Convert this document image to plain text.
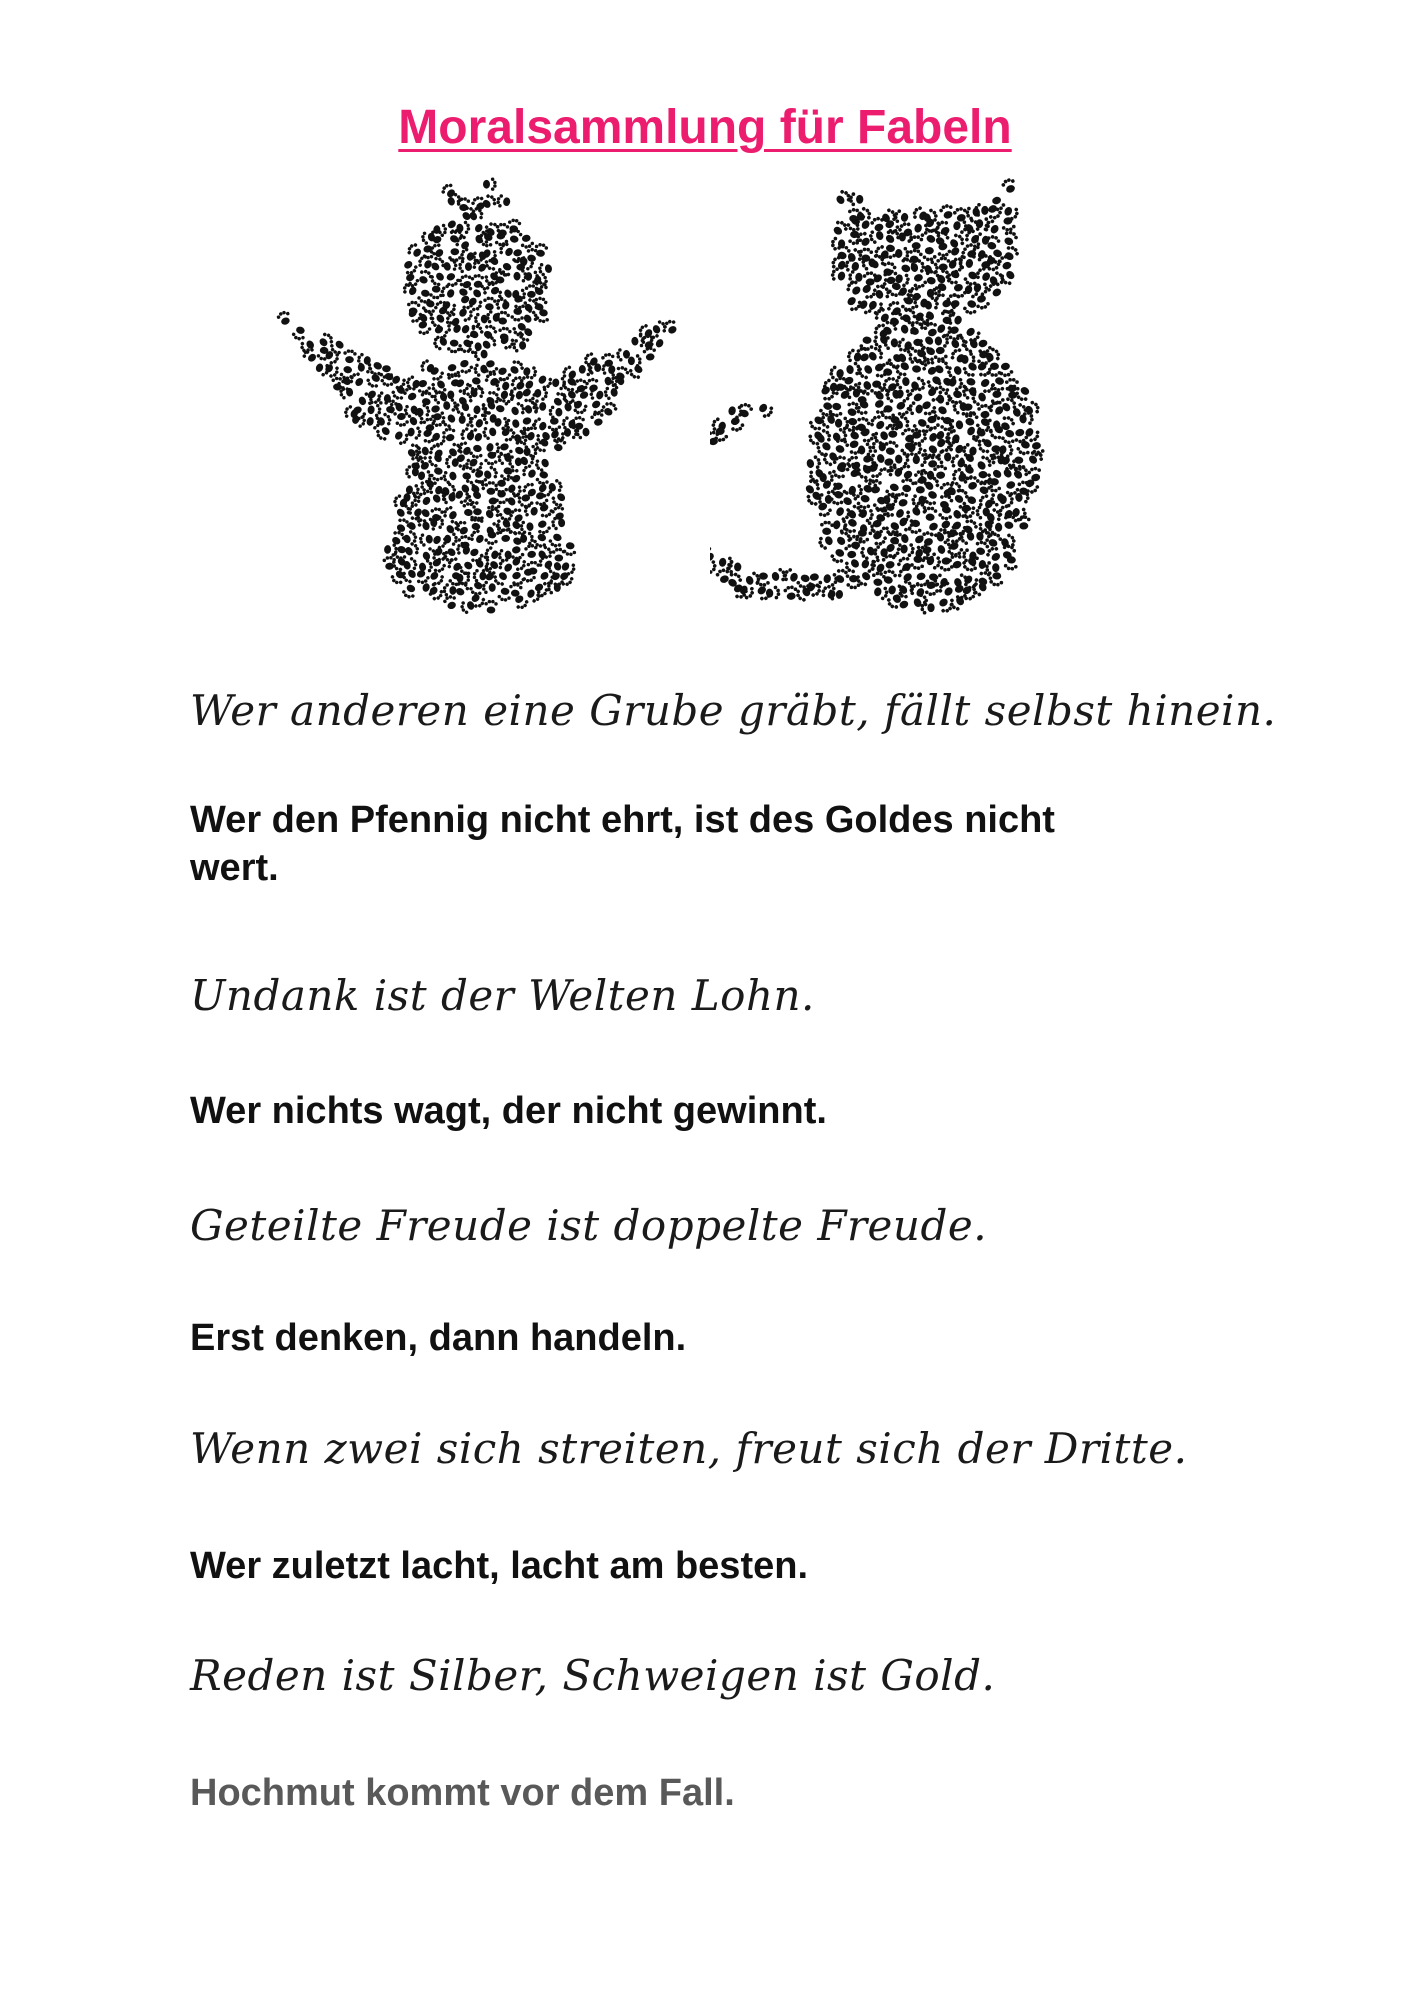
Moralsammlung für Fabeln
Wer anderen eine Grube gräbt, fällt selbst hinein.
Wer den Pfennig nicht ehrt, ist des Goldes nicht wert.
Undank ist der Welten Lohn.
Wer nichts wagt, der nicht gewinnt.
Geteilte Freude ist doppelte Freude.
Erst denken, dann handeln.
Wenn zwei sich streiten, freut sich der Dritte.
Wer zuletzt lacht, lacht am besten.
Reden ist Silber, Schweigen ist Gold.
Hochmut kommt vor dem Fall.
